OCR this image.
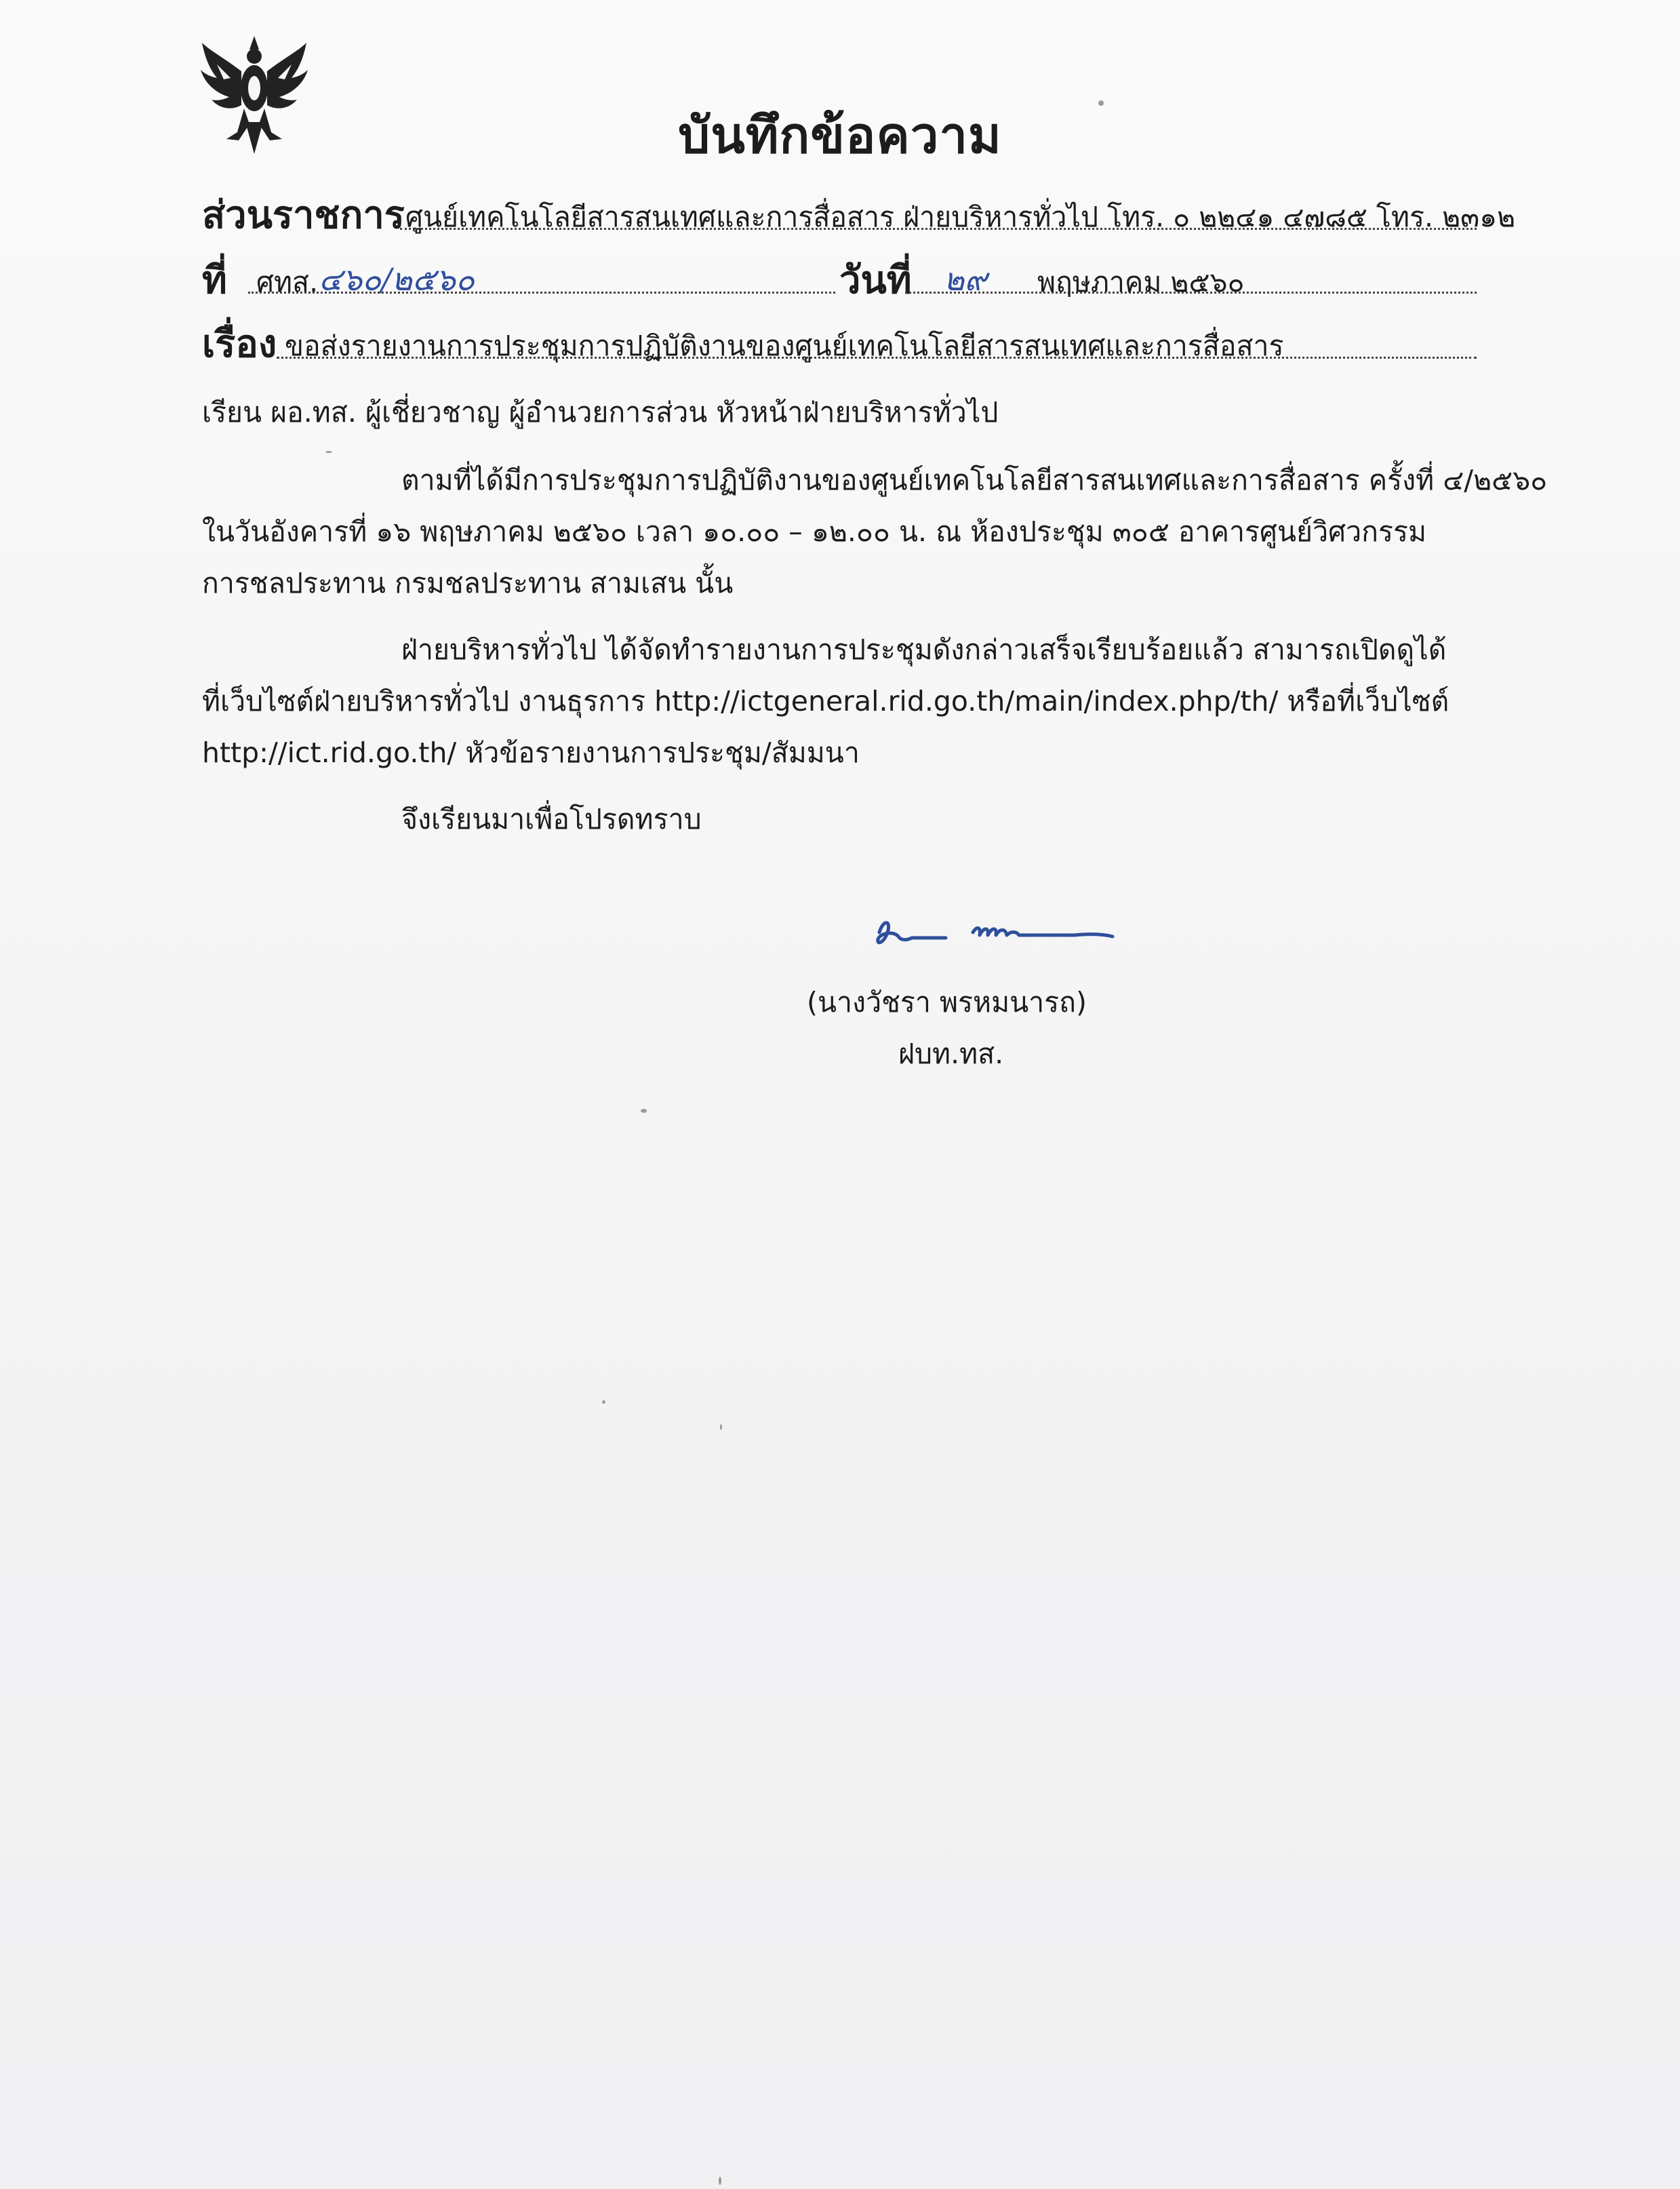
บันทึกข้อความ
ส่วนราชการ ศูนย์เทคโนโลยีสารสนเทศและการสื่อสาร ฝ่ายบริหารทั่วไป โทร. ๐ ๒๒๔๑ ๔๗๘๕ โทร. ๒๓๑๒
ที่ ศทส. ๔๖๐/๒๕๖๐	วันที่ ๒๙ พฤษภาคม ๒๕๖๐
เรื่อง ขอส่งรายงานการประชุมการปฏิบัติงานของศูนย์เทคโนโลยีสารสนเทศและการสื่อสาร
เรียน ผอ.ทส. ผู้เชี่ยวชาญ ผู้อำนวยการส่วน หัวหน้าฝ่ายบริหารทั่วไป
ตามที่ได้มีการประชุมการปฏิบัติงานของศูนย์เทคโนโลยีสารสนเทศและการสื่อสาร ครั้งที่ ๔/๒๕๖๐
ในวันอังคารที่ ๑๖ พฤษภาคม ๒๕๖๐ เวลา ๑๐.๐๐ – ๑๒.๐๐ น. ณ ห้องประชุม ๓๐๕ อาคารศูนย์วิศวกรรม
การชลประทาน กรมชลประทาน สามเสน นั้น
ฝ่ายบริหารทั่วไป ได้จัดทำรายงานการประชุมดังกล่าวเสร็จเรียบร้อยแล้ว สามารถเปิดดูได้
ที่เว็บไซต์ฝ่ายบริหารทั่วไป งานธุรการ http://ictgeneral.rid.go.th/main/index.php/th/ หรือที่เว็บไซต์
http://ict.rid.go.th/ หัวข้อรายงานการประชุม/สัมมนา
จึงเรียนมาเพื่อโปรดทราบ
(นางวัชรา พรหมนารถ)
ฝบท.ทส.
